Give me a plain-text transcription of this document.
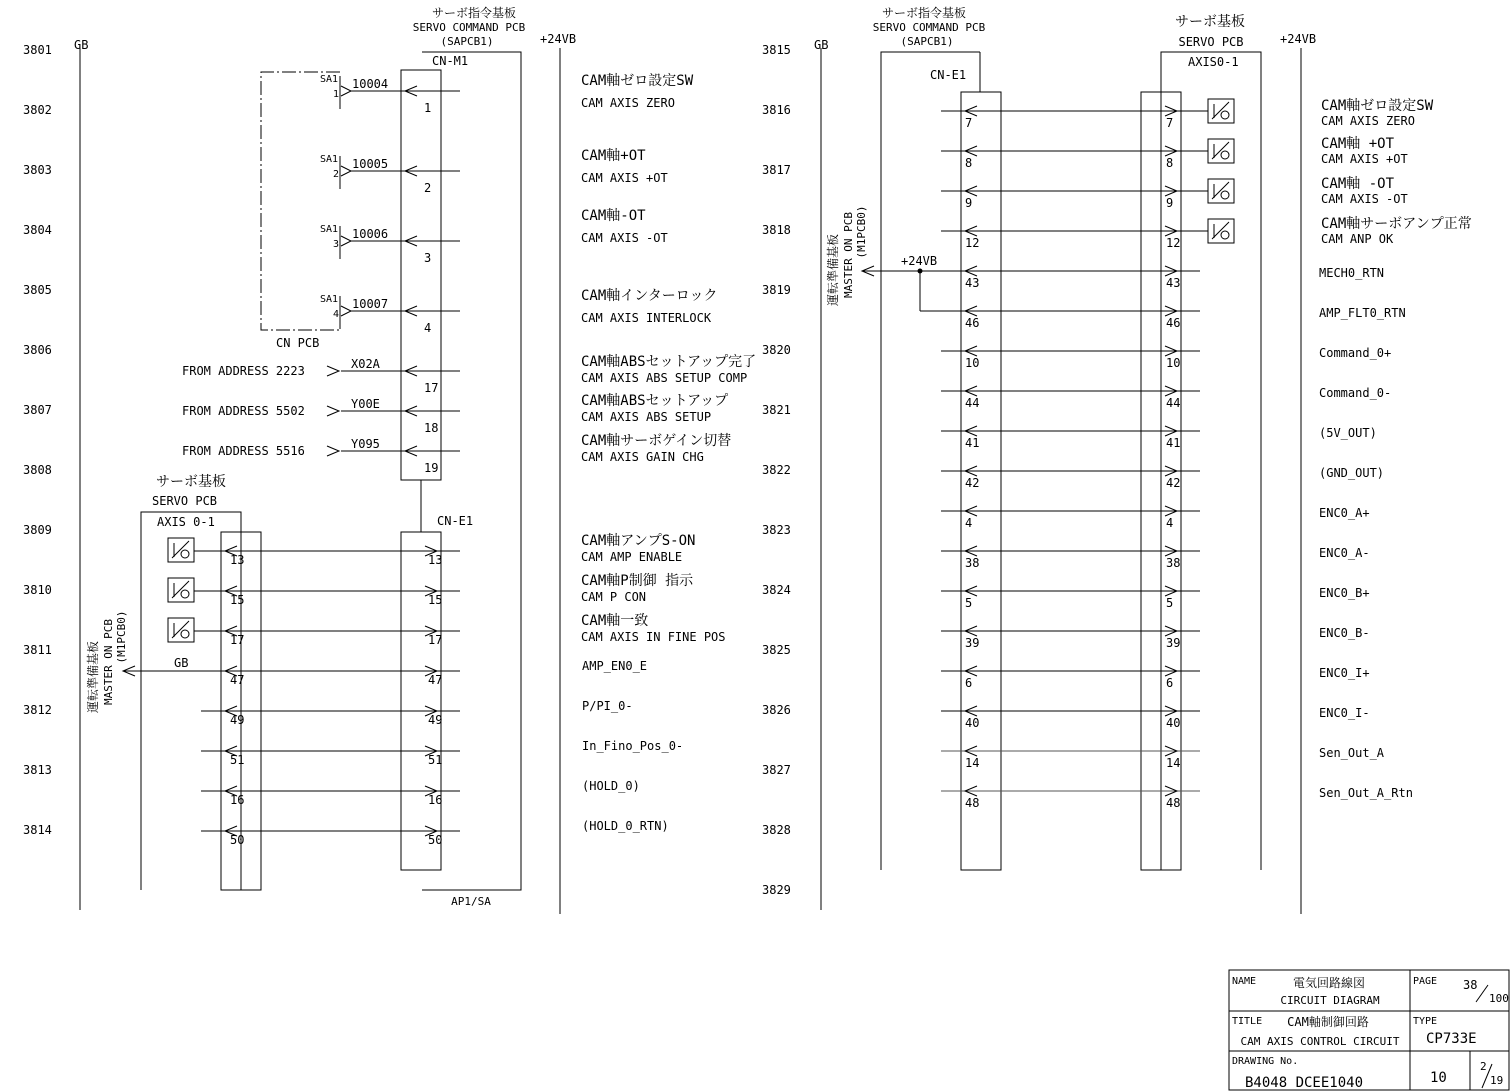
3801
3802
3803
3804
3805
3806
3807
3808
3809
3810
3811
3812
3813
3814
GB	+24VB
サーボ指令基板
SERVO COMMAND PCB
(SAPCB1)
AP1/SA
CN-M1
CN-E1
CN PCB
SA1
1
10004
1
SA1
2
10005
2
SA1
3
10006
3
SA1
4
10007
4
FROM ADDRESS 2223	X02A
17
FROM ADDRESS 5502	Y00E
18
FROM ADDRESS 5516	Y095
19
サーボ基板
SERVO PCB
AXIS 0-1
13	13
15	15
17	17
47	47
49	49
51	51
16	16
50	50
GB
運転準備基板 MASTER ON PCB (M1PCB0)
CAM軸ゼロ設定SW
CAM AXIS ZERO
CAM軸+OT
CAM AXIS +OT
CAM軸-OT
CAM AXIS -OT
CAM軸インターロック
CAM AXIS INTERLOCK
CAM軸ABSセットアップ完了
CAM AXIS ABS SETUP COMP
CAM軸ABSセットアップ
CAM AXIS ABS SETUP
CAM軸サーボゲイン切替
CAM AXIS GAIN CHG
CAM軸アンプS-ON
CAM AMP ENABLE
CAM軸P制御 指示
CAM P CON
CAM軸一致
CAM AXIS IN FINE POS
AMP_EN0_E
P/PI_0-
In_Fino_Pos_0-
(HOLD_0)
(HOLD_0_RTN)
3815
3816
3817
3818
3819
3820
3821
3822
3823
3824
3825
3826
3827
3828
3829
GB	+24VB
サーボ指令基板
SERVO COMMAND PCB
(SAPCB1)
CN-E1
サーボ基板
SERVO PCB
AXIS0-1
7	7
8	8
9	9
12	12
43	43
46	46
10	10
44	44
41	41
42	42
4	4
38	38
5	5
39	39
6	6
40	40
14	14
48	48
+24VB
運転準備基板 MASTER ON PCB (M1PCB0)
CAM軸ゼロ設定SW
CAM AXIS ZERO
CAM軸 +OT
CAM AXIS +OT
CAM軸 -OT
CAM AXIS -OT
CAM軸サーボアンプ正常
CAM ANP OK
MECH0_RTN
AMP_FLT0_RTN
Command_0+
Command_0-
(5V_OUT)
(GND_OUT)
ENC0_A+
ENC0_A-
ENC0_B+
ENC0_B-
ENC0_I+
ENC0_I-
Sen_Out_A
Sen_Out_A_Rtn
NAME	電気回路線図
CIRCUIT DIAGRAM
PAGE 38
100
TITLE CAM軸制御回路
CAM AXIS CONTROL CIRCUIT
TYPE
CP733E
DRAWING No.
B4048 DCEE1040	10
2
19
